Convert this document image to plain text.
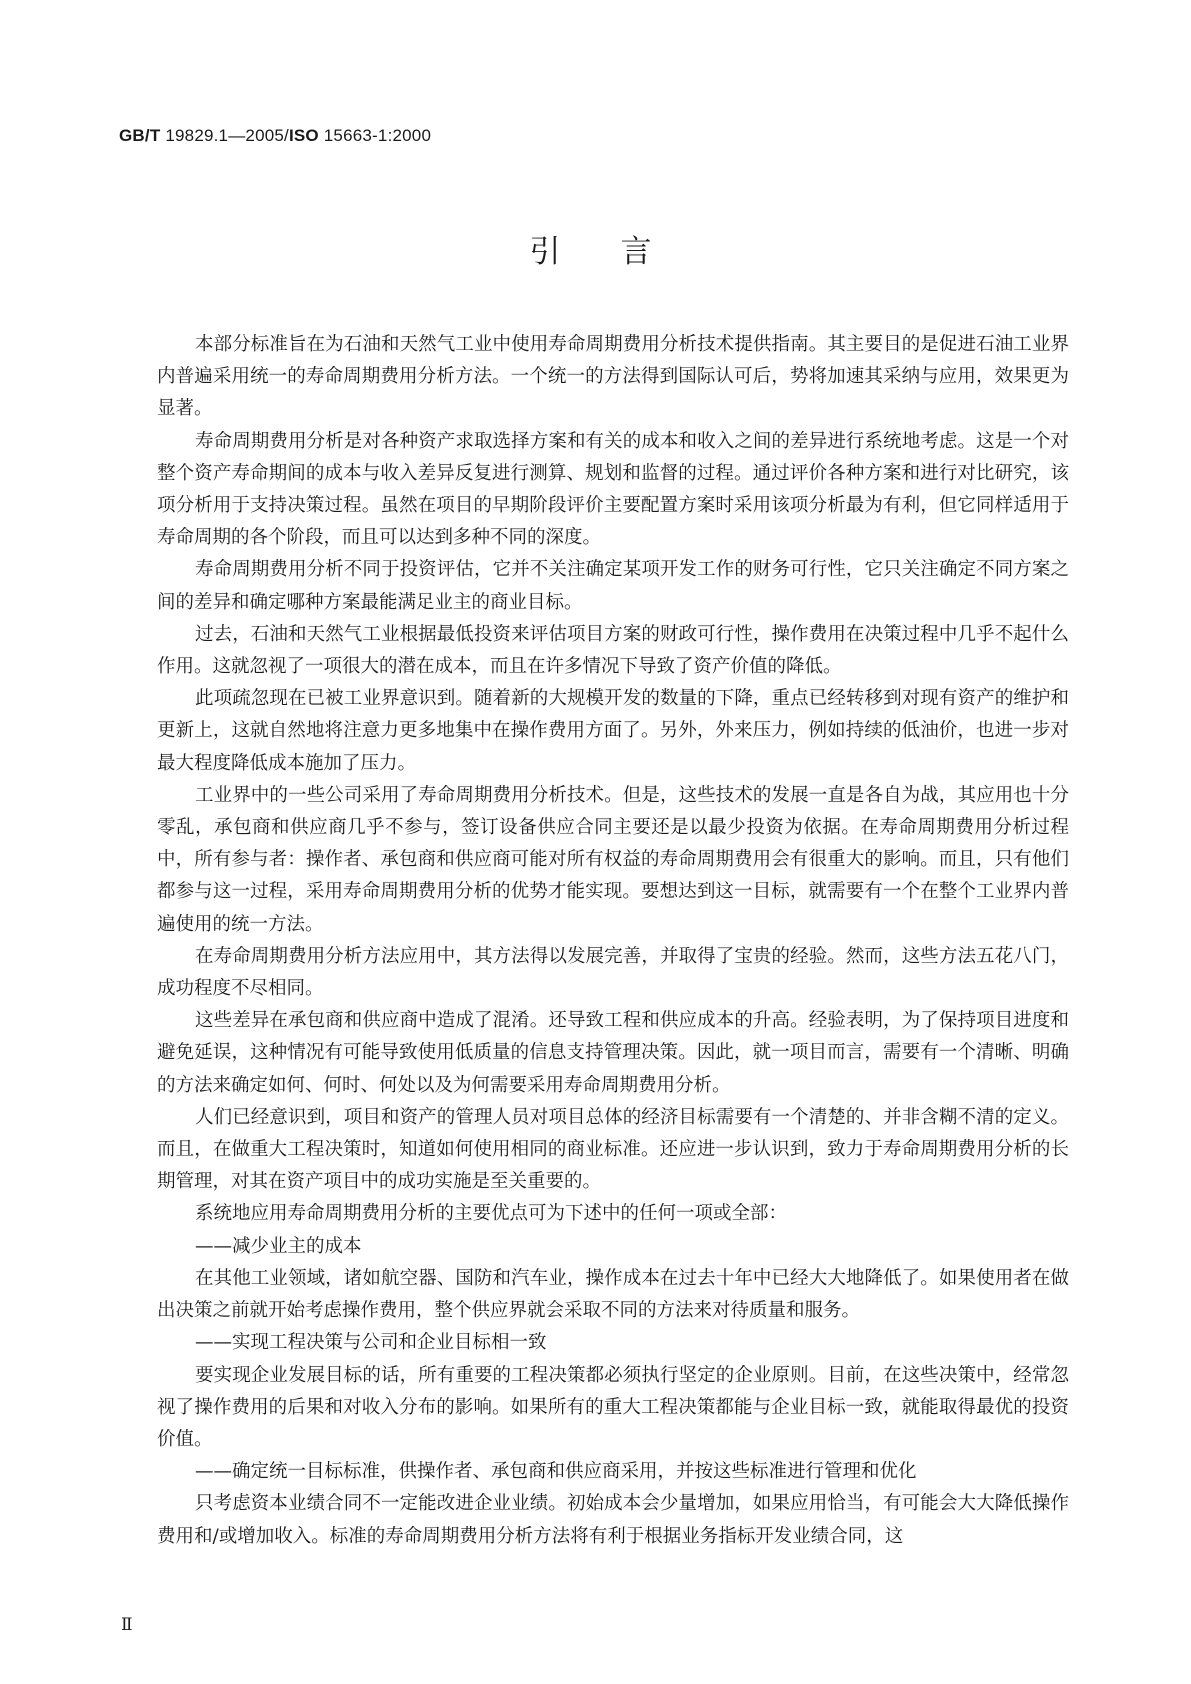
GB/T 19829.1—2005/ISO 15663-1:2000
引言

本部分标准旨在为石油和天然气工业中使用寿命周期费用分析技术提供指南。其主要目的是促进石油工业界内普遍采用统一的寿命周期费用分析方法。一个统一的方法得到国际认可后，势将加速其采纳与应用，效果更为显著。

寿命周期费用分析是对各种资产求取选择方案和有关的成本和收入之间的差异进行系统地考虑。这是一个对整个资产寿命期间的成本与收入差异反复进行测算、规划和监督的过程。通过评价各种方案和进行对比研究，该项分析用于支持决策过程。虽然在项目的早期阶段评价主要配置方案时采用该项分析最为有利，但它同样适用于寿命周期的各个阶段，而且可以达到多种不同的深度。

寿命周期费用分析不同于投资评估，它并不关注确定某项开发工作的财务可行性，它只关注确定不同方案之间的差异和确定哪种方案最能满足业主的商业目标。

过去，石油和天然气工业根据最低投资来评估项目方案的财政可行性，操作费用在决策过程中几乎不起什么作用。这就忽视了一项很大的潜在成本，而且在许多情况下导致了资产价值的降低。

此项疏忽现在已被工业界意识到。随着新的大规模开发的数量的下降，重点已经转移到对现有资产的维护和更新上，这就自然地将注意力更多地集中在操作费用方面了。另外，外来压力，例如持续的低油价，也进一步对最大程度降低成本施加了压力。

工业界中的一些公司采用了寿命周期费用分析技术。但是，这些技术的发展一直是各自为战，其应用也十分零乱，承包商和供应商几乎不参与，签订设备供应合同主要还是以最少投资为依据。在寿命周期费用分析过程中，所有参与者：操作者、承包商和供应商可能对所有权益的寿命周期费用会有很重大的影响。而且，只有他们都参与这一过程，采用寿命周期费用分析的优势才能实现。要想达到这一目标，就需要有一个在整个工业界内普遍使用的统一方法。

在寿命周期费用分析方法应用中，其方法得以发展完善，并取得了宝贵的经验。然而，这些方法五花八门，成功程度不尽相同。

这些差异在承包商和供应商中造成了混淆。还导致工程和供应成本的升高。经验表明，为了保持项目进度和避免延误，这种情况有可能导致使用低质量的信息支持管理决策。因此，就一项目而言，需要有一个清晰、明确的方法来确定如何、何时、何处以及为何需要采用寿命周期费用分析。

人们已经意识到，项目和资产的管理人员对项目总体的经济目标需要有一个清楚的、并非含糊不清的定义。而且，在做重大工程决策时，知道如何使用相同的商业标准。还应进一步认识到，致力于寿命周期费用分析的长期管理，对其在资产项目中的成功实施是至关重要的。

系统地应用寿命周期费用分析的主要优点可为下述中的任何一项或全部：

——减少业主的成本

在其他工业领域，诸如航空器、国防和汽车业，操作成本在过去十年中已经大大地降低了。如果使用者在做出决策之前就开始考虑操作费用，整个供应界就会采取不同的方法来对待质量和服务。

——实现工程决策与公司和企业目标相一致

要实现企业发展目标的话，所有重要的工程决策都必须执行坚定的企业原则。目前，在这些决策中，经常忽视了操作费用的后果和对收入分布的影响。如果所有的重大工程决策都能与企业目标一致，就能取得最优的投资价值。

——确定统一目标标准，供操作者、承包商和供应商采用，并按这些标准进行管理和优化

只考虑资本业绩合同不一定能改进企业业绩。初始成本会少量增加，如果应用恰当，有可能会大大降低操作费用和/或增加收入。标准的寿命周期费用分析方法将有利于根据业务指标开发业绩合同，这

Ⅱ
